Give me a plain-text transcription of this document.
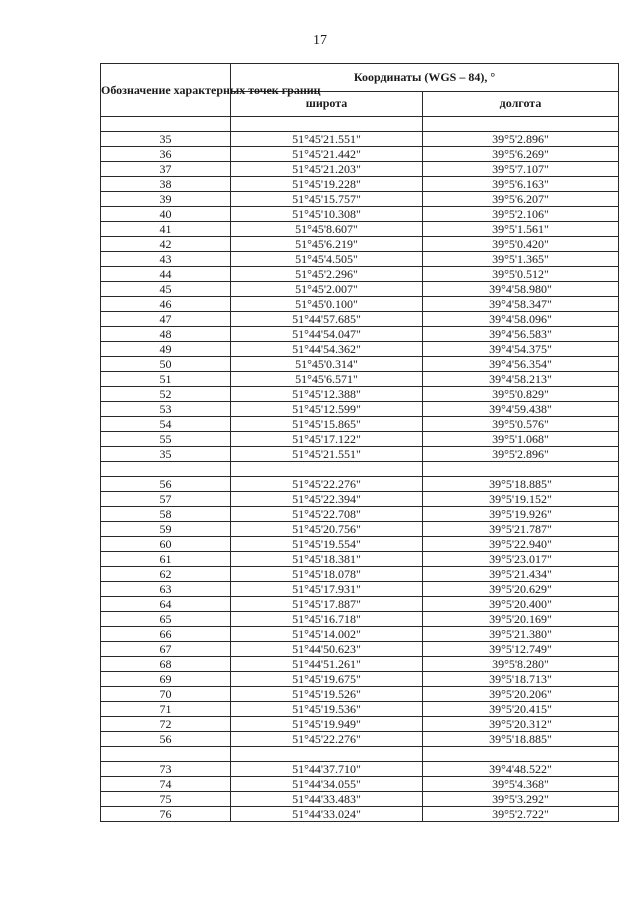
17
Обозначение характерных точек границ	Координаты (WGS – 84), °	
	широта	долгота

35	51°45'21.551"	39°5'2.896"
36	51°45'21.442"	39°5'6.269"
37	51°45'21.203"	39°5'7.107"
38	51°45'19.228"	39°5'6.163"
39	51°45'15.757"	39°5'6.207"
40	51°45'10.308"	39°5'2.106"
41	51°45'8.607"	39°5'1.561"
42	51°45'6.219"	39°5'0.420"
43	51°45'4.505"	39°5'1.365"
44	51°45'2.296"	39°5'0.512"
45	51°45'2.007"	39°4'58.980"
46	51°45'0.100"	39°4'58.347"
47	51°44'57.685"	39°4'58.096"
48	51°44'54.047"	39°4'56.583"
49	51°44'54.362"	39°4'54.375"
50	51°45'0.314"	39°4'56.354"
51	51°45'6.571"	39°4'58.213"
52	51°45'12.388"	39°5'0.829"
53	51°45'12.599"	39°4'59.438"
54	51°45'15.865"	39°5'0.576"
55	51°45'17.122"	39°5'1.068"
35	51°45'21.551"	39°5'2.896"

56	51°45'22.276"	39°5'18.885"
57	51°45'22.394"	39°5'19.152"
58	51°45'22.708"	39°5'19.926"
59	51°45'20.756"	39°5'21.787"
60	51°45'19.554"	39°5'22.940"
61	51°45'18.381"	39°5'23.017"
62	51°45'18.078"	39°5'21.434"
63	51°45'17.931"	39°5'20.629"
64	51°45'17.887"	39°5'20.400"
65	51°45'16.718"	39°5'20.169"
66	51°45'14.002"	39°5'21.380"
67	51°44'50.623"	39°5'12.749"
68	51°44'51.261"	39°5'8.280"
69	51°45'19.675"	39°5'18.713"
70	51°45'19.526"	39°5'20.206"
71	51°45'19.536"	39°5'20.415"
72	51°45'19.949"	39°5'20.312"
56	51°45'22.276"	39°5'18.885"

73	51°44'37.710"	39°4'48.522"
74	51°44'34.055"	39°5'4.368"
75	51°44'33.483"	39°5'3.292"
76	51°44'33.024"	39°5'2.722"
